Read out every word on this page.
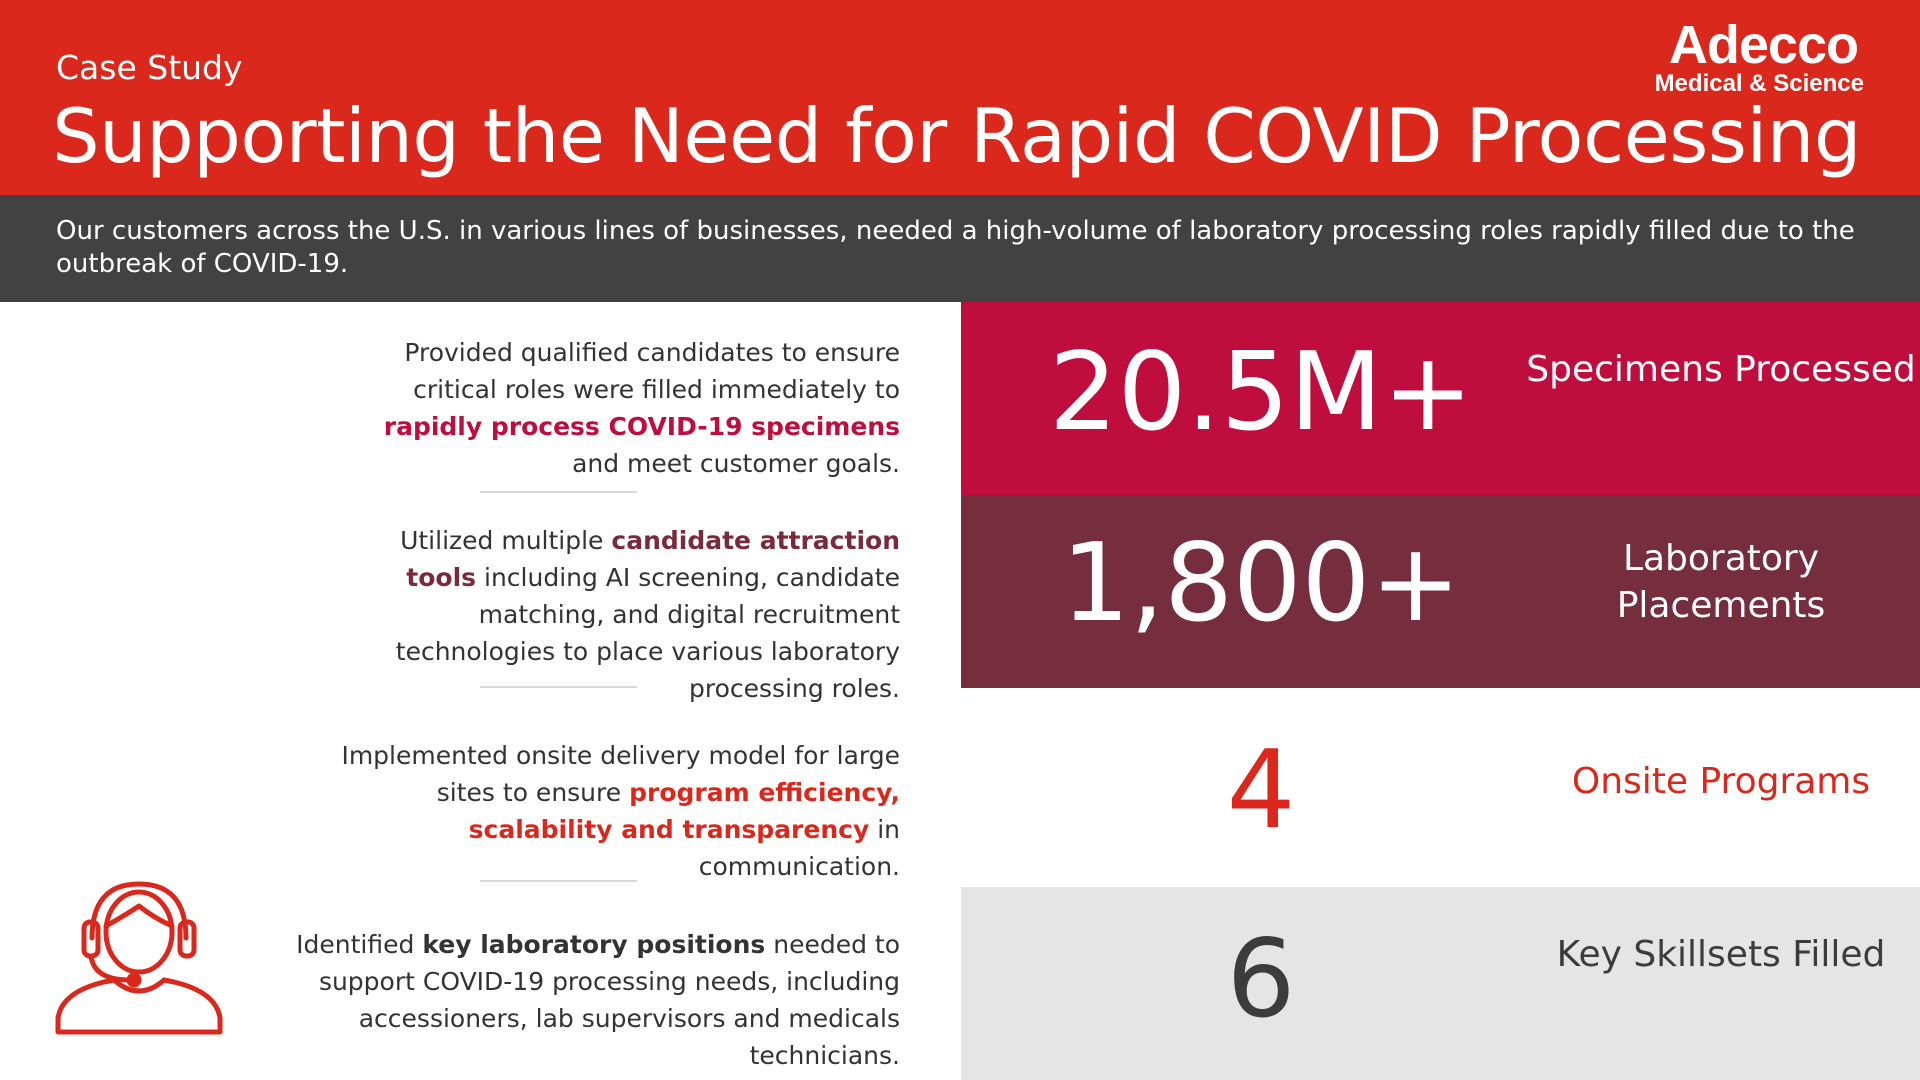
Case Study
Supporting the Need for Rapid COVID Processing
Adecco
Medical & Science
Our customers across the U.S. in various lines of businesses, needed a high-volume of laboratory processing roles rapidly filled due to the outbreak of COVID-19.
Provided qualified candidates to ensure critical roles were filled immediately to rapidly process COVID-19 specimens and meet customer goals.
Utilized multiple candidate attraction tools including AI screening, candidate matching, and digital recruitment technologies to place various laboratory processing roles.
Implemented onsite delivery model for large sites to ensure program efficiency, scalability and transparency in communication.
Identified key laboratory positions needed to support COVID-19 processing needs, including accessioners, lab supervisors and medicals technicians.
20.5M+	Specimens Processed
1,800+	Laboratory Placements
4	Onsite Programs
6	Key Skillsets Filled
